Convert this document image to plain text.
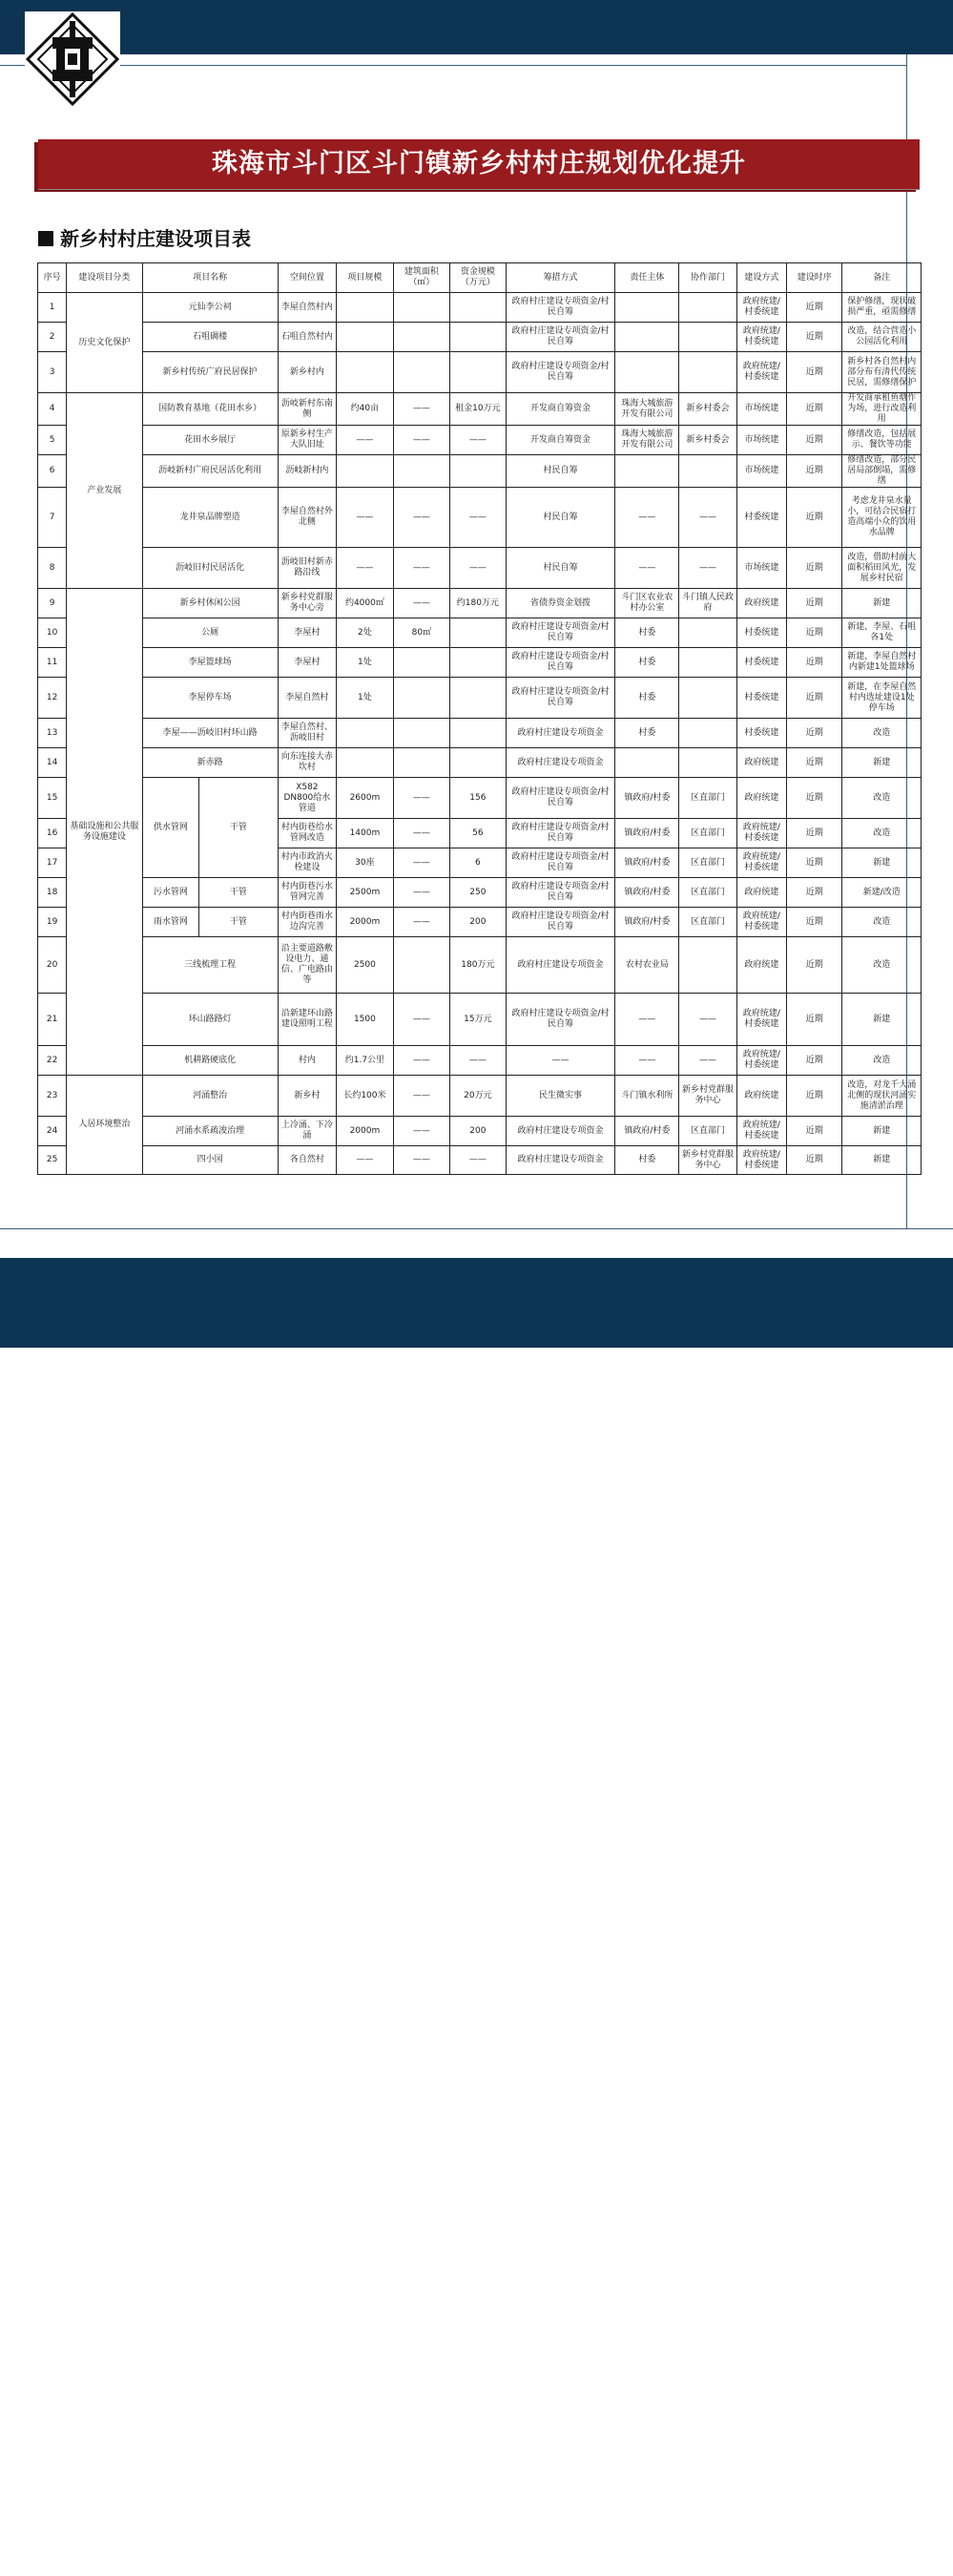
珠海市斗门区斗门镇新乡村村庄规划优化提升
新乡村村庄建设项目表
序号	建设项目分类	项目名称		空间位置	项目规模	建筑面积（㎡）	资金规模（万元）	筹措方式	责任主体	协作部门	建设方式	建设时序	备注
1	历史文化保护	元仙李公祠		李屋自然村内				政府村庄建设专项资金/村民自筹			政府统建/村委统建	近期	保护修缮，现状破损严重，亟需修缮
2		石咀碉楼		石咀自然村内				政府村庄建设专项资金/村民自筹			政府统建/村委统建	近期	改造，结合营造小公园活化利用
3		新乡村传统广府民居保护		新乡村内				政府村庄建设专项资金/村民自筹			政府统建/村委统建	近期	新乡村各自然村内部分布有清代传统民居，需修缮保护
4	产业发展	国防教育基地（花田水乡）		沥岐新村东南侧	约40亩	——	租金10万元	开发商自筹资金	珠海大城旅游开发有限公司	新乡村委会	市场统建	近期	开发商承租鱼塘作为场，进行改造利用
5		花田水乡展厅		原新乡村生产大队旧址	——	——	——	开发商自筹资金	珠海大城旅游开发有限公司	新乡村委会	市场统建	近期	修缮改造，包括展示、餐饮等功能
6		沥岐新村广府民居活化利用		沥岐新村内				村民自筹			市场统建	近期	修缮改造，部分民居局部倒塌，需修缮
7		龙井泉品牌塑造		李屋自然村外北侧	——	——	——	村民自筹	——	——	村委统建	近期	考虑龙井泉水量小，可结合民宿打造高端小众的饮用水品牌
8		沥岐旧村民居活化		沥岐旧村新赤路沿线	——	——	——	村民自筹	——	——	市场统建	近期	改造，借助村前大面积稻田风光，发展乡村民宿
9	基础设施和公共服务设施建设	新乡村休闲公园		新乡村党群服务中心旁	约4000㎡	——	约180万元	省债券资金划拨	斗门区农业农村办公室	斗门镇人民政府	政府统建	近期	新建
10		公厕		李屋村	2处	80㎡		政府村庄建设专项资金/村民自筹	村委		村委统建	近期	新建，李屋、石咀各1处
11		李屋篮球场		李屋村	1处			政府村庄建设专项资金/村民自筹	村委		村委统建	近期	新建，李屋自然村内新建1处篮球场
12		李屋停车场		李屋自然村	1处			政府村庄建设专项资金/村民自筹	村委		村委统建	近期	新建，在李屋自然村内选址建设1处停车场
13		李屋——沥岐旧村环山路		李屋自然村、沥岐旧村				政府村庄建设专项资金	村委		村委统建	近期	改造
14		新赤路		向东连接大赤坎村				政府村庄建设专项资金			政府统建	近期	新建
15		供水管网	干管	X582 DN800给水管道	2600m	——	156	政府村庄建设专项资金/村民自筹	镇政府/村委	区直部门	政府统建	近期	改造
16				村内街巷给水管网改造	1400m	——	56	政府村庄建设专项资金/村民自筹	镇政府/村委	区直部门	政府统建/村委统建	近期	改造
17				村内市政消火栓建设	30座	——	6	政府村庄建设专项资金/村民自筹	镇政府/村委	区直部门	政府统建/村委统建	近期	新建
18		污水管网	干管	村内街巷污水管网完善	2500m	——	250	政府村庄建设专项资金/村民自筹	镇政府/村委	区直部门	政府统建	近期	新建/改造
19		雨水管网	干管	村内街巷雨水边沟完善	2000m	——	200	政府村庄建设专项资金/村民自筹	镇政府/村委	区直部门	政府统建/村委统建	近期	改造
20		三线梳理工程		沿主要道路敷设电力、通信、广电路由等	2500		180万元	政府村庄建设专项资金	农村农业局		政府统建	近期	改造
21		环山路路灯		沿新建环山路建设照明工程	1500	——	15万元	政府村庄建设专项资金/村民自筹	——	——	政府统建/村委统建	近期	新建
22		机耕路硬底化		村内	约1.7公里	——	——	——	——	——	政府统建/村委统建	近期	改造
23	人居环境整治	河涌整治		新乡村	长约100米	——	20万元	民生微实事	斗门镇水利所	新乡村党群服务中心	政府统建	近期	改造，对龙千大涌北侧的现状河涌实施清淤治理
24		河涌水系疏浚治理		上冷涌、下冷涌	2000m	——	200	政府村庄建设专项资金	镇政府/村委	区直部门	政府统建/村委统建	近期	新建
25		四小园		各自然村	——	——	——	政府村庄建设专项资金	村委	新乡村党群服务中心	政府统建/村委统建	近期	新建
03
